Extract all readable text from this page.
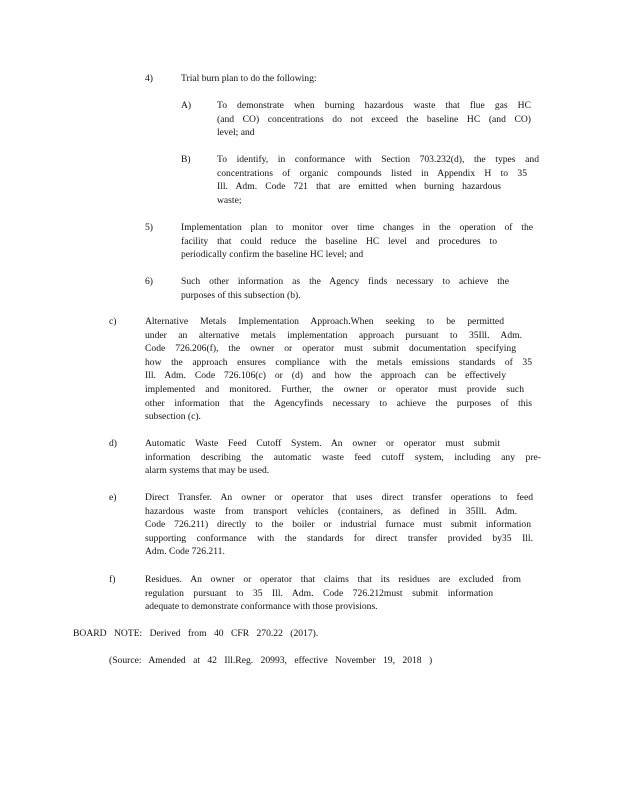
4)	Trial burn plan to do the following:
A)	To demonstrate when burning hazardous waste that flue gas HC
(and CO) concentrations do not exceed the baseline HC (and CO)
level; and
B)	To identify, in conformance with Section 703.232(d), the types and
concentrations of organic compounds listed in Appendix H to 35
Ill. Adm. Code 721 that are emitted when burning hazardous
waste;
5)	Implementation plan to monitor over time changes in the operation of the
facility that could reduce the baseline HC level and procedures to
periodically confirm the baseline HC level; and
6)	Such other information as the Agency finds necessary to achieve the
purposes of this subsection (b).
c)	Alternative Metals Implementation Approach.When seeking to be permitted
under an alternative metals implementation approach pursuant to 35Ill. Adm.
Code 726.206(f), the owner or operator must submit documentation specifying
how the approach ensures compliance with the metals emissions standards of 35
Ill. Adm. Code 726.106(c) or (d) and how the approach can be effectively
implemented and monitored. Further, the owner or operator must provide such
other information that the Agencyfinds necessary to achieve the purposes of this
subsection (c).
d)	Automatic Waste Feed Cutoff System. An owner or operator must submit
information describing the automatic waste feed cutoff system, including any pre-
alarm systems that may be used.
e)	Direct Transfer. An owner or operator that uses direct transfer operations to feed
hazardous waste from transport vehicles (containers, as defined in 35Ill. Adm.
Code 726.211) directly to the boiler or industrial furnace must submit information
supporting conformance with the standards for direct transfer provided by35 Ill.
Adm. Code 726.211.
f)	Residues. An owner or operator that claims that its residues are excluded from
regulation pursuant to 35 Ill. Adm. Code 726.212must submit information
adequate to demonstrate conformance with those provisions.
BOARD NOTE: Derived from 40 CFR 270.22 (2017).
(Source: Amended at 42 Ill.Reg. 20993, effective November 19, 2018 )
